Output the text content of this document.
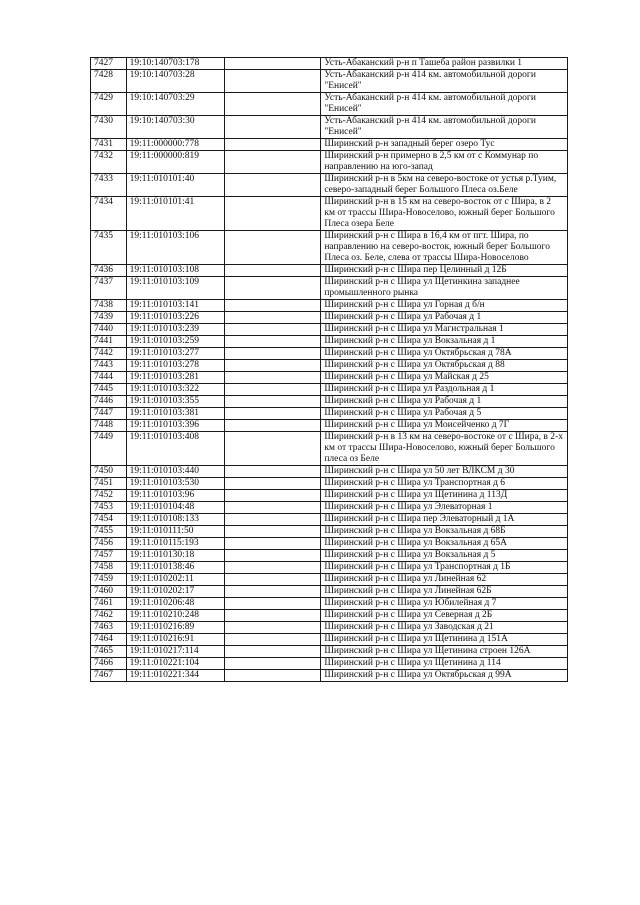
7427	19:10:140703:178		Усть-Абаканский р-н п Ташеба район развилки 1
7428	19:10:140703:28		Усть-Абаканский р-н 414 км. автомобильной дороги "Енисей"
7429	19:10:140703:29		Усть-Абаканский р-н 414 км. автомобильной дороги "Енисей"
7430	19:10:140703:30		Усть-Абаканский р-н 414 км. автомобильной дороги "Енисей"
7431	19:11:000000:778		Ширинский р-н западный берег озеро Тус
7432	19:11:000000:819		Ширинский р-н примерно в 2,5 км от с Коммунар по направлению на юго-запад
7433	19:11:010101:40		Ширинский р-н в 5км на северо-востоке от устья р.Туим, северо-западный берег Большого Плеса оз.Беле
7434	19:11:010101:41		Ширинский р-н в 15 км на северо-восток от с Шира, в 2 км от трассы Шира-Новоселово, южный берег Большого Плеса озера Беле
7435	19:11:010103:106		Ширинский р-н с Шира в 16,4 км от пгт. Шира, по направлению на северо-восток, южный берег Большого Плеса оз. Беле, слева от трассы Шира-Новоселово
7436	19:11:010103:108		Ширинский р-н с Шира пер Целинный д 12Б
7437	19:11:010103:109		Ширинский р-н с Шира ул Щетинкина западнее промышленного рынка
7438	19:11:010103:141		Ширинский р-н с Шира ул Горная д б/н
7439	19:11:010103:226		Ширинский р-н с Шира ул Рабочая д 1
7440	19:11:010103:239		Ширинский р-н с Шира ул Магистральная 1
7441	19:11:010103:259		Ширинский р-н с Шира ул Вокзальная д 1
7442	19:11:010103:277		Ширинский р-н с Шира ул Октябрьская д 78А
7443	19:11:010103:278		Ширинский р-н с Шира ул Октябрьская д 88
7444	19:11:010103:281		Ширинский р-н с Шира ул Майская д 25
7445	19:11:010103:322		Ширинский р-н с Шира ул Раздольная д 1
7446	19:11:010103:355		Ширинский р-н с Шира ул Рабочая д 1
7447	19:11:010103:381		Ширинский р-н с Шира ул Рабочая д 5
7448	19:11:010103:396		Ширинский р-н с Шира ул Моисейченко д 7Г
7449	19:11:010103:408		Ширинский р-н в 13 км на северо-востоке от с Шира, в 2-х км от трассы Шира-Новоселово, южный берег Большого плеса оз Беле
7450	19:11:010103:440		Ширинский р-н с Шира ул 50 лет ВЛКСМ д 30
7451	19:11:010103:530		Ширинский р-н с Шира ул Транспортная д 6
7452	19:11:010103:96		Ширинский р-н с Шира ул Щетинина д 113Д
7453	19:11:010104:48		Ширинский р-н с Шира ул Элеваторная 1
7454	19:11:010108:133		Ширинский р-н с Шира пер Элеваторный д 1А
7455	19:11:010111:50		Ширинский р-н с Шира ул Вокзальная д 68Б
7456	19:11:010115:193		Ширинский р-н с Шира ул Вокзальная д 65А
7457	19:11:010130:18		Ширинский р-н с Шира ул Вокзальная д 5
7458	19:11:010138:46		Ширинский р-н с Шира ул Транспортная д 1Б
7459	19:11:010202:11		Ширинский р-н с Шира ул Линейная 62
7460	19:11:010202:17		Ширинский р-н с Шира ул Линейная 62Б
7461	19:11:010206:48		Ширинский р-н с Шира ул Юбилейная д 7
7462	19:11:010210:248		Ширинский р-н с Шира ул Северная д 2Б
7463	19:11:010216:89		Ширинский р-н с Шира ул Заводская д 21
7464	19:11:010216:91		Ширинский р-н с Шира ул Щетинина д 151А
7465	19:11:010217:114		Ширинский р-н с Шира ул Щетинина строен 126А
7466	19:11:010221:104		Ширинский р-н с Шира ул Щетинина д 114
7467	19:11:010221:344		Ширинский р-н с Шира ул Октябрьская д 99А
